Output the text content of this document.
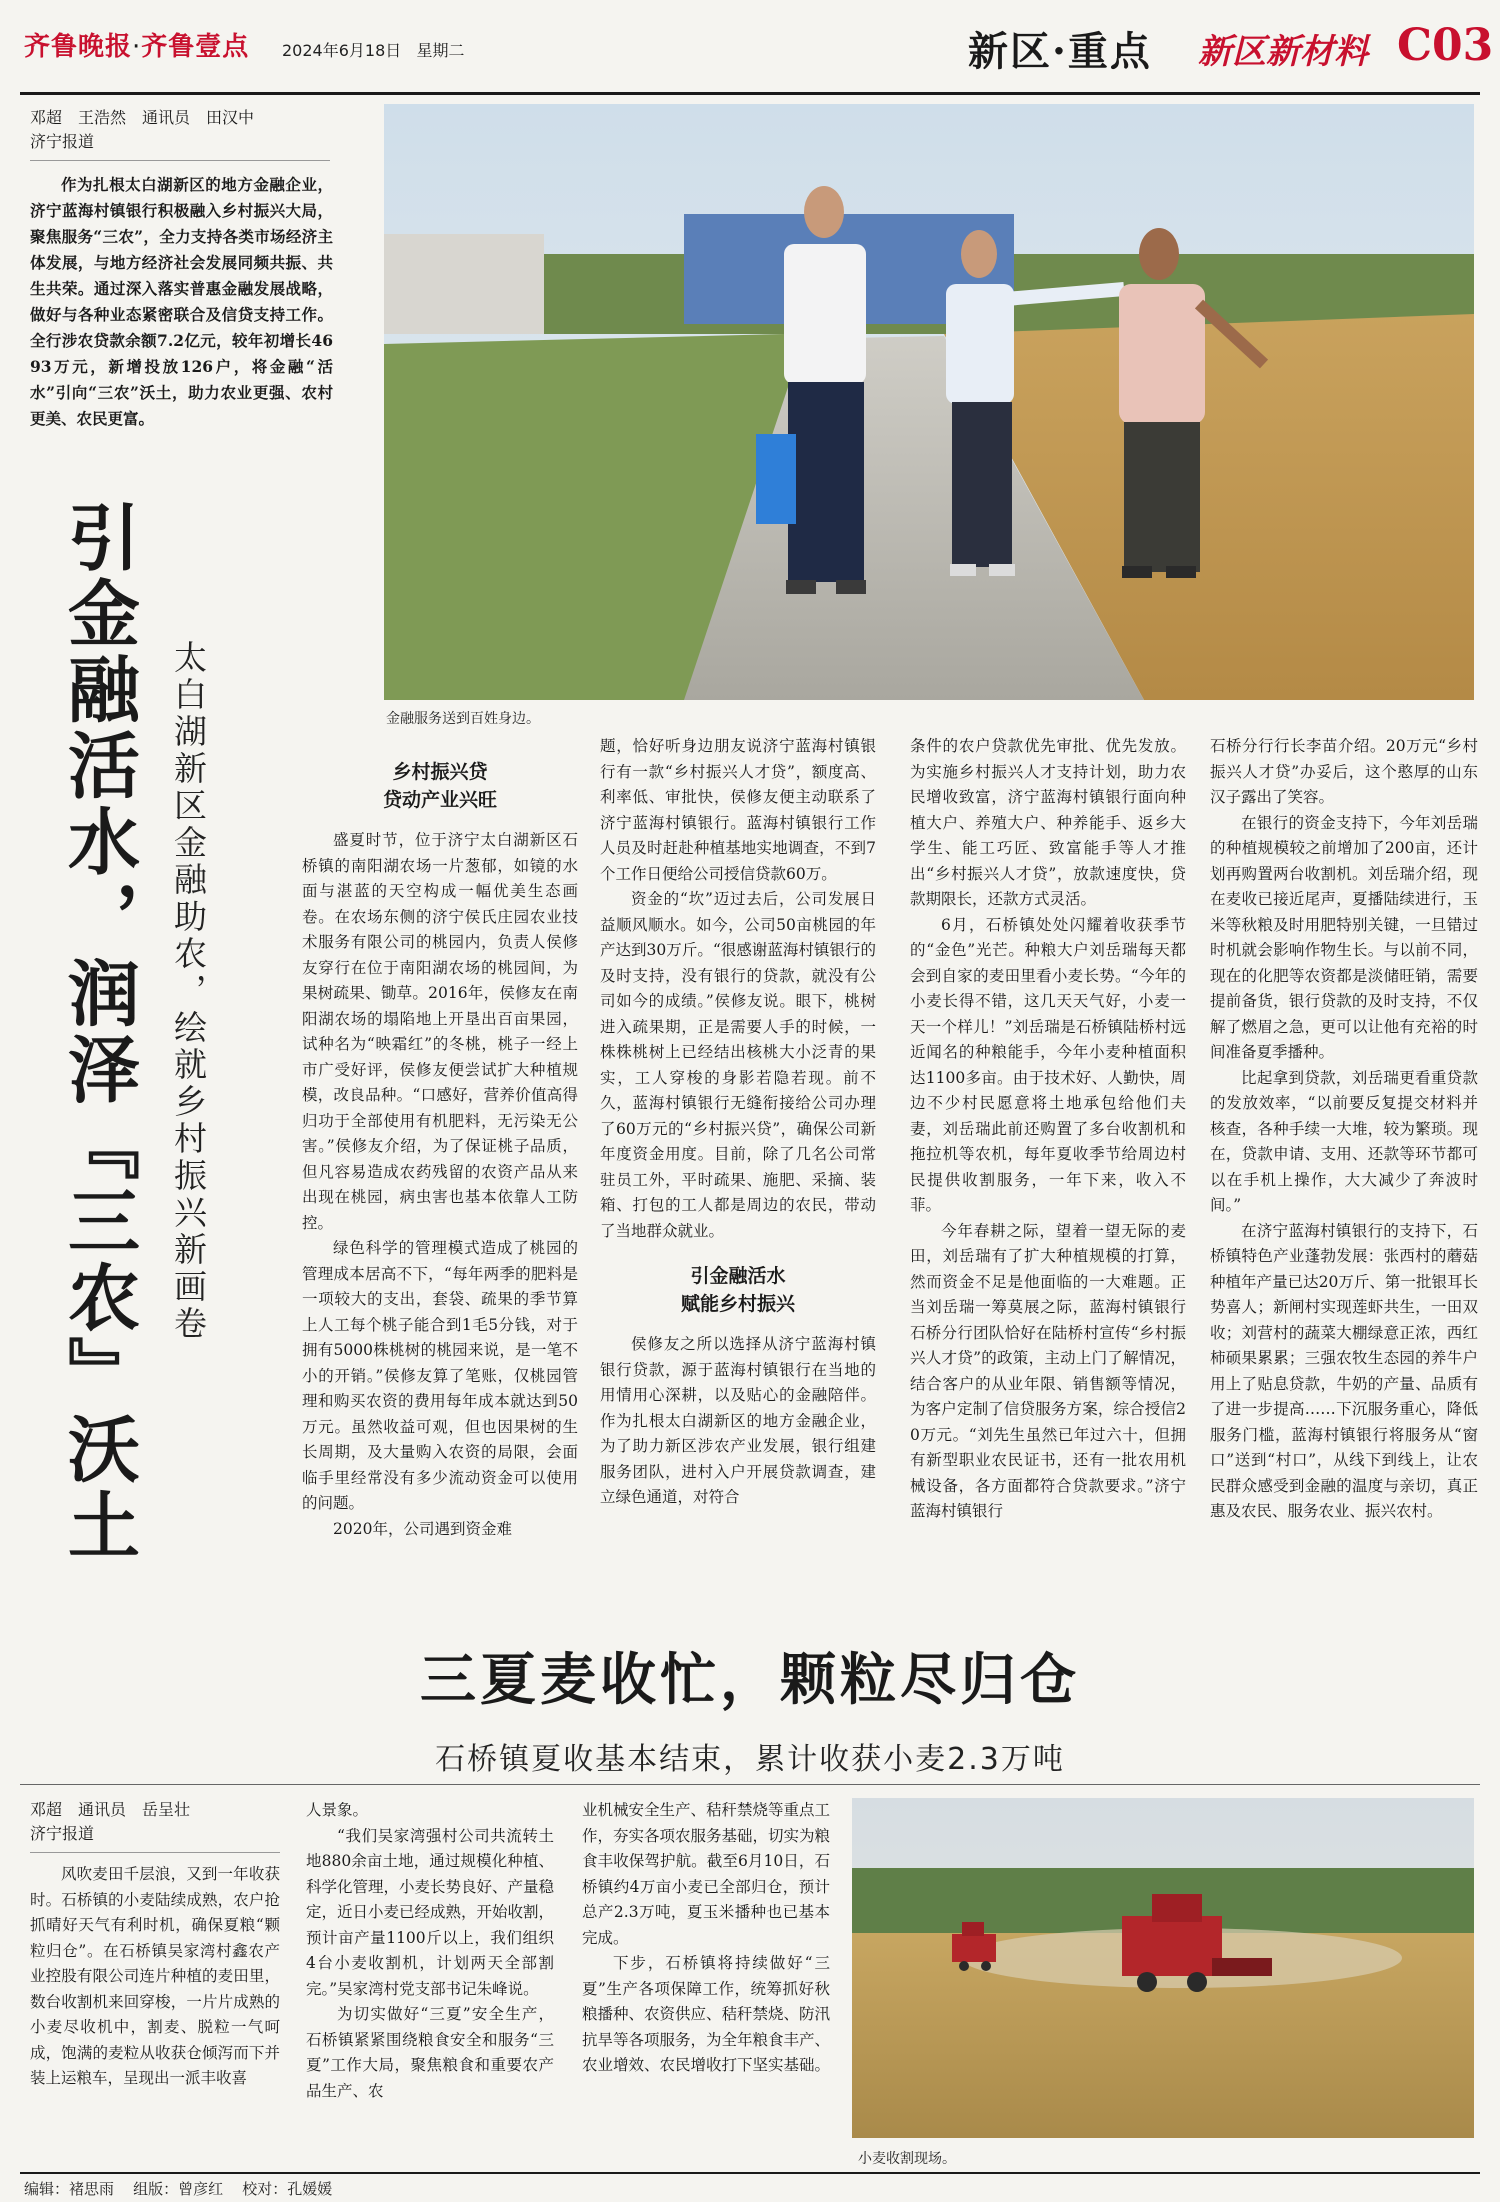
齐鲁晚报·齐鲁壹点 2024年6月18日 星期二	新区·重点 新区新材料 C03
邓超　王浩然　通讯员　田汉中
济宁报道

作为扎根太白湖新区的地方金融企业，济宁蓝海村镇银行积极融入乡村振兴大局，聚焦服务“三农”，全力支持各类市场经济主体发展，与地方经济社会发展同频共振、共生共荣。通过深入落实普惠金融发展战略，做好与各种业态紧密联合及信贷支持工作。全行涉农贷款余额7.2亿元，较年初增长4693万元，新增投放126户，将金融“活水”引向“三农”沃土，助力农业更强、农村更美、农民更富。

引金融活水，润泽『三农』沃土 太白湖新区金融助农，绘就乡村振兴新画卷	金融服务送到百姓身边。
乡村振兴贷
贷动产业兴旺

盛夏时节，位于济宁太白湖新区石桥镇的南阳湖农场一片葱郁，如镜的水面与湛蓝的天空构成一幅优美生态画卷。在农场东侧的济宁侯氏庄园农业技术服务有限公司的桃园内，负责人侯修友穿行在位于南阳湖农场的桃园间，为果树疏果、锄草。2016年，侯修友在南阳湖农场的塌陷地上开垦出百亩果园，试种名为“映霜红”的冬桃，桃子一经上市广受好评，侯修友便尝试扩大种植规模，改良品种。“口感好，营养价值高得归功于全部使用有机肥料，无污染无公害。”侯修友介绍，为了保证桃子品质，但凡容易造成农药残留的农资产品从来出现在桃园，病虫害也基本依靠人工防控。

绿色科学的管理模式造成了桃园的管理成本居高不下，“每年两季的肥料是一项较大的支出，套袋、疏果的季节算上人工每个桃子能合到1毛5分钱，对于拥有5000株桃树的桃园来说，是一笔不小的开销。”侯修友算了笔账，仅桃园管理和购买农资的费用每年成本就达到50万元。虽然收益可观，但也因果树的生长周期，及大量购入农资的局限，会面临手里经常没有多少流动资金可以使用的问题。

2020年，公司遇到资金难

题，恰好听身边朋友说济宁蓝海村镇银行有一款“乡村振兴人才贷”，额度高、利率低、审批快，侯修友便主动联系了济宁蓝海村镇银行。蓝海村镇银行工作人员及时赶赴种植基地实地调查，不到7个工作日便给公司授信贷款60万。

资金的“坎”迈过去后，公司发展日益顺风顺水。如今，公司50亩桃园的年产达到30万斤。“很感谢蓝海村镇银行的及时支持，没有银行的贷款，就没有公司如今的成绩。”侯修友说。眼下，桃树进入疏果期，正是需要人手的时候，一株株桃树上已经结出核桃大小泛青的果实，工人穿梭的身影若隐若现。前不久，蓝海村镇银行无缝衔接给公司办理了60万元的“乡村振兴贷”，确保公司新年度资金用度。目前，除了几名公司常驻员工外，平时疏果、施肥、采摘、装箱、打包的工人都是周边的农民，带动了当地群众就业。

引金融活水
赋能乡村振兴

侯修友之所以选择从济宁蓝海村镇银行贷款，源于蓝海村镇银行在当地的用情用心深耕，以及贴心的金融陪伴。作为扎根太白湖新区的地方金融企业，为了助力新区涉农产业发展，银行组建服务团队，进村入户开展贷款调查，建立绿色通道，对符合

条件的农户贷款优先审批、优先发放。为实施乡村振兴人才支持计划，助力农民增收致富，济宁蓝海村镇银行面向种植大户、养殖大户、种养能手、返乡大学生、能工巧匠、致富能手等人才推出“乡村振兴人才贷”，放款速度快，贷款期限长，还款方式灵活。

6月，石桥镇处处闪耀着收获季节的“金色”光芒。种粮大户刘岳瑞每天都会到自家的麦田里看小麦长势。“今年的小麦长得不错，这几天天气好，小麦一天一个样儿！”刘岳瑞是石桥镇陆桥村远近闻名的种粮能手，今年小麦种植面积达1100多亩。由于技术好、人勤快，周边不少村民愿意将土地承包给他们夫妻，刘岳瑞此前还购置了多台收割机和拖拉机等农机，每年夏收季节给周边村民提供收割服务，一年下来，收入不菲。

今年春耕之际，望着一望无际的麦田，刘岳瑞有了扩大种植规模的打算，然而资金不足是他面临的一大难题。正当刘岳瑞一筹莫展之际，蓝海村镇银行石桥分行团队恰好在陆桥村宣传“乡村振兴人才贷”的政策，主动上门了解情况，结合客户的从业年限、销售额等情况，为客户定制了信贷服务方案，综合授信20万元。“刘先生虽然已年过六十，但拥有新型职业农民证书，还有一批农用机械设备，各方面都符合贷款要求。”济宁蓝海村镇银行

石桥分行行长李苗介绍。20万元“乡村振兴人才贷”办妥后，这个憨厚的山东汉子露出了笑容。

在银行的资金支持下，今年刘岳瑞的种植规模较之前增加了200亩，还计划再购置两台收割机。刘岳瑞介绍，现在麦收已接近尾声，夏播陆续进行，玉米等秋粮及时用肥特别关键，一旦错过时机就会影响作物生长。与以前不同，现在的化肥等农资都是淡储旺销，需要提前备货，银行贷款的及时支持，不仅解了燃眉之急，更可以让他有充裕的时间准备夏季播种。

比起拿到贷款，刘岳瑞更看重贷款的发放效率，“以前要反复提交材料并核查，各种手续一大堆，较为繁琐。现在，贷款申请、支用、还款等环节都可以在手机上操作，大大减少了奔波时间。”

在济宁蓝海村镇银行的支持下，石桥镇特色产业蓬勃发展：张西村的蘑菇种植年产量已达20万斤、第一批银耳长势喜人；新闸村实现莲虾共生，一田双收；刘营村的蔬菜大棚绿意正浓，西红柿硕果累累；三强农牧生态园的养牛户用上了贴息贷款，牛奶的产量、品质有了进一步提高……下沉服务重心，降低服务门槛，蓝海村镇银行将服务从“窗口”送到“村口”，从线下到线上，让农民群众感受到金融的温度与亲切，真正惠及农民、服务农业、振兴农村。

三夏麦收忙，颗粒尽归仓
石桥镇夏收基本结束，累计收获小麦2.3万吨
邓超　通讯员　岳呈壮
济宁报道

风吹麦田千层浪，又到一年收获时。石桥镇的小麦陆续成熟，农户抢抓晴好天气有利时机，确保夏粮“颗粒归仓”。在石桥镇吴家湾村鑫农产业控股有限公司连片种植的麦田里，数台收割机来回穿梭，一片片成熟的小麦尽收机中，割麦、脱粒一气呵成，饱满的麦粒从收获仓倾泻而下并装上运粮车，呈现出一派丰收喜

人景象。

“我们吴家湾强村公司共流转土地880余亩土地，通过规模化种植、科学化管理，小麦长势良好、产量稳定，近日小麦已经成熟，开始收割，预计亩产量1100斤以上，我们组织4台小麦收割机，计划两天全部割完。”吴家湾村党支部书记朱峰说。

为切实做好“三夏”安全生产，石桥镇紧紧围绕粮食安全和服务“三夏”工作大局，聚焦粮食和重要农产品生产、农

业机械安全生产、秸秆禁烧等重点工作，夯实各项农服务基础，切实为粮食丰收保驾护航。截至6月10日，石桥镇约4万亩小麦已全部归仓，预计总产2.3万吨，夏玉米播种也已基本完成。

下步，石桥镇将持续做好“三夏”生产各项保障工作，统筹抓好秋粮播种、农资供应、秸秆禁烧、防汛抗旱等各项服务，为全年粮食丰产、农业增效、农民增收打下坚实基础。

小麦收割现场。
编辑：褚思雨 组版：曾彦红 校对：孔媛媛
